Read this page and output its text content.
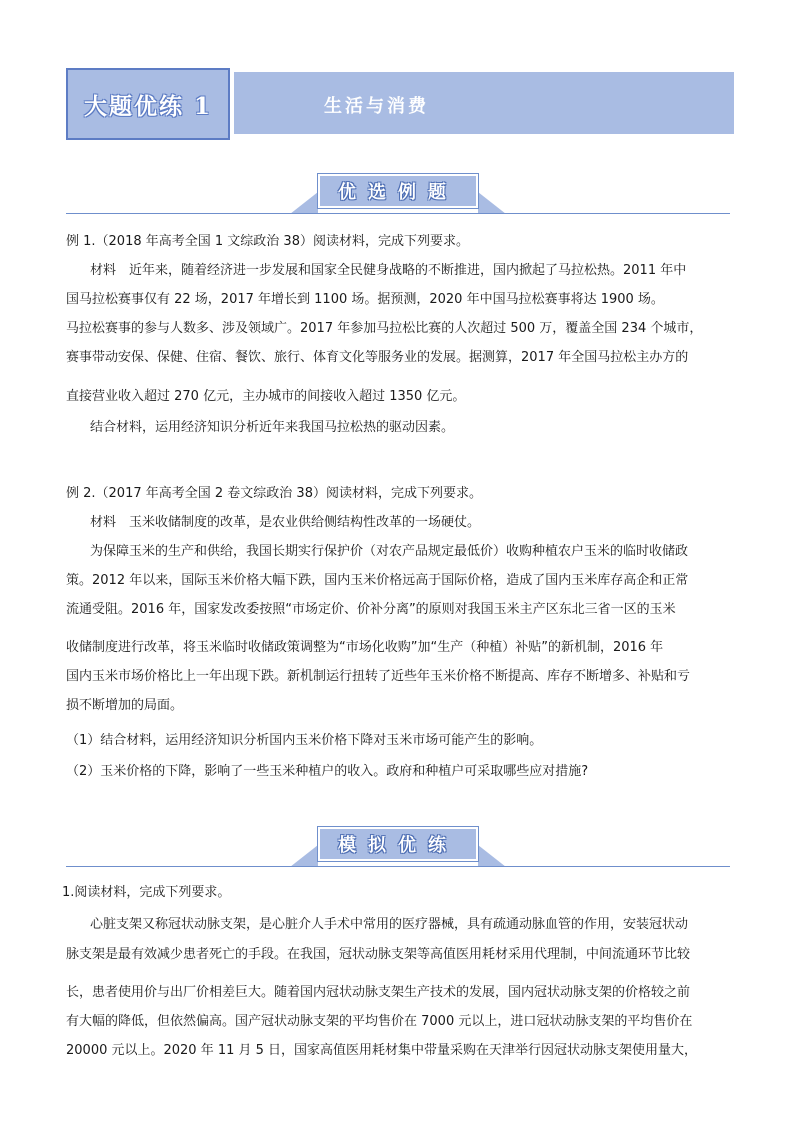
大题优练 1	生活与消费
优选例题
例 1.（2018 年高考全国 1 文综政治 38）阅读材料，完成下列要求。
材料　近年来，随着经济进一步发展和国家全民健身战略的不断推进，国内掀起了马拉松热。2011 年中
国马拉松赛事仅有 22 场，2017 年增长到 1100 场。据预测，2020 年中国马拉松赛事将达 1900 场。
马拉松赛事的参与人数多、涉及领域广。2017 年参加马拉松比赛的人次超过 500 万，覆盖全国 234 个城市，
赛事带动安保、保健、住宿、餐饮、旅行、体育文化等服务业的发展。据测算，2017 年全国马拉松主办方的
直接营业收入超过 270 亿元，主办城市的间接收入超过 1350 亿元。
结合材料，运用经济知识分析近年来我国马拉松热的驱动因素。
例 2.（2017 年高考全国 2 卷文综政治 38）阅读材料，完成下列要求。
材料　玉米收储制度的改革，是农业供给侧结构性改革的一场硬仗。
为保障玉米的生产和供给，我国长期实行保护价（对农产品规定最低价）收购种植农户玉米的临时收储政
策。2012 年以来，国际玉米价格大幅下跌，国内玉米价格远高于国际价格，造成了国内玉米库存高企和正常
流通受阻。2016 年，国家发改委按照“市场定价、价补分离”的原则对我国玉米主产区东北三省一区的玉米
收储制度进行改革，将玉米临时收储政策调整为“市场化收购”加“生产（种植）补贴”的新机制，2016 年
国内玉米市场价格比上一年出现下跌。新机制运行扭转了近些年玉米价格不断提高、库存不断增多、补贴和亏
损不断增加的局面。
（1）结合材料，运用经济知识分析国内玉米价格下降对玉米市场可能产生的影响。
（2）玉米价格的下降，影响了一些玉米种植户的收入。政府和种植户可采取哪些应对措施?
模拟优练
1.阅读材料，完成下列要求。
心脏支架又称冠状动脉支架，是心脏介人手术中常用的医疗器械，具有疏通动脉血管的作用，安装冠状动
脉支架是最有效减少患者死亡的手段。在我国，冠状动脉支架等高值医用耗材采用代理制，中间流通环节比较
长，患者使用价与出厂价相差巨大。随着国内冠状动脉支架生产技术的发展，国内冠状动脉支架的价格较之前
有大幅的降低，但依然偏高。国产冠状动脉支架的平均售价在 7000 元以上，进口冠状动脉支架的平均售价在
20000 元以上。2020 年 11 月 5 日，国家高值医用耗材集中带量采购在天津举行因冠状动脉支架使用量大，
